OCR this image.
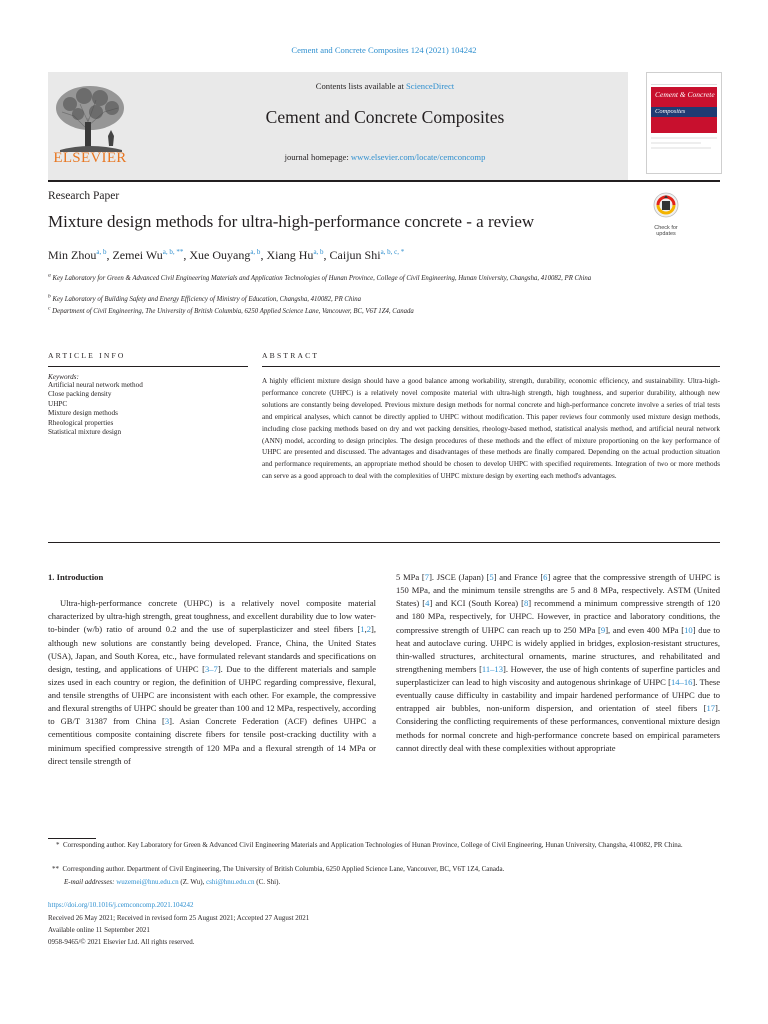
Cement and Concrete Composites 124 (2021) 104242
ELSEVIER
Contents lists available at ScienceDirect
Cement and Concrete Composites
journal homepage: www.elsevier.com/locate/cemconcomp
Cement & Concrete
Composites
Research Paper
Mixture design methods for ultra-high-performance concrete - a review	Check for
updates
Min Zhou$^{a, b}$, Zemei $Wu^{a, b, **}$, Xue Ouyang$^{a, b}$, Xiang Hu$^{a, b}$, Caijun Shi$^{a, b, c, *}$
$^a$ Key Laboratory for Green & Advanced Civil Engineering Materials and Application Technologies of Hunan Province, College of Civil Engineering, Hunan University, Changsha, 410082, PR China
$^b$ Key Laboratory of Building Safety and Energy Efficiency of Ministry of Education, Changsha, 410082, PR China
$^c$ Department of Civil Engineering, The University of British Columbia, 6250 Applied Science Lane, Vancouver, BC, V6T 1Z4, Canada
ARTICLE INFO	ABSTRACT
Keywords:
Artificial neural network method
Close packing density
UHPC
Mixture design methods
Rheological properties
Statistical mixture design
A highly efficient mixture design should have a good balance among workability, strength, durability, economic efficiency, and sustainability. Ultra-high-performance concrete (UHPC) is a relatively novel composite material with ultra-high strength, high toughness, and superior durability, although new solutions are constantly being developed. Previous mixture design methods for normal concrete and high-performance concrete involve a series of trial tests and empirical analyses, which cannot be directly applied to UHPC without modification. This paper reviews four commonly used mixture design methods, including close packing methods based on dry and wet packing densities, rheology-based method, statistical analysis method, and artificial neural network (ANN) model, according to design principles. The design procedures of these methods and the effect of mixture proportioning on the key performance of UHPC are presented and discussed. The advantages and disadvantages of these methods are finally compared. Depending on the actual production situation and performance requirements, an appropriate method should be chosen to develop UHPC with specified requirements. Integration of two or more methods can serve as a good approach to deal with the complexities of UHPC mixture design by exerting each method's advantages.
1. Introduction

Ultra-high-performance concrete (UHPC) is a relatively novel composite material characterized by ultra-high strength, great toughness, and excellent durability due to low water-to-binder (w/b) ratio of around 0.2 and the use of superplasticizer and steel fibers [1,2], although new solutions are constantly being developed. France, China, the United States (USA), Japan, and South Korea, etc., have formulated relevant standards and specifications on design, testing, and applications of UHPC [3–7]. Due to the different materials and sample sizes used in each country or region, the definition of UHPC regarding compressive, flexural, and tensile strengths of UHPC are inconsistent with each other. For example, the compressive and flexural strengths of UHPC should be greater than 100 and 12 MPa, respectively, according to GB/T 31387 from China [3]. Asian Concrete Federation (ACF) defines UHPC a cementitious composite containing discrete fibers for tensile post-cracking ductility with a minimum specified compressive strength of 120 MPa and a flexural strength of 14 MPa or direct tensile strength of

5 MPa [7]. JSCE (Japan) [5] and France [6] agree that the compressive strength of UHPC is 150 MPa, and the minimum tensile strengths are 5 and 8 MPa, respectively. ASTM (United States) [4] and KCI (South Korea) [8] recommend a minimum compressive strength of 120 and 180 MPa, respectively, for UHPC. However, in practice and laboratory conditions, the compressive strength of UHPC can reach up to 250 MPa [9], and even 400 MPa [10] due to heat and autoclave curing. UHPC is widely applied in bridges, explosion-resistant structures, thin-walled structures, architectural ornaments, marine structures, and rehabilitated and strengthening members [11–13]. However, the use of high contents of superfine particles and superplasticizer can lead to high viscosity and autogenous shrinkage of UHPC [14–16]. These eventually cause difficulty in castability and impair hardened performance of UHPC due to entrapped air bubbles, non-uniform dispersion, and orientation of steel fibers [17]. Considering the conflicting requirements of these performances, conventional mixture design methods for normal concrete and high-performance concrete based on empirical parameters cannot directly deal with these complexities without appropriate

* Corresponding author. Key Laboratory for Green & Advanced Civil Engineering Materials and Application Technologies of Hunan Province, College of Civil Engineering, Hunan University, Changsha, 410082, PR China.
** Corresponding author. Department of Civil Engineering, The University of British Columbia, 6250 Applied Science Lane, Vancouver, BC, V6T 1Z4, Canada.
E-mail addresses: wuzemei@hnu.edu.cn (Z. Wu), cshi@hnu.edu.cn (C. Shi).
https://doi.org/10.1016/j.cemconcomp.2021.104242
Received 26 May 2021; Received in revised form 25 August 2021; Accepted 27 August 2021
Available online 11 September 2021
0958-9465/© 2021 Elsevier Ltd. All rights reserved.
